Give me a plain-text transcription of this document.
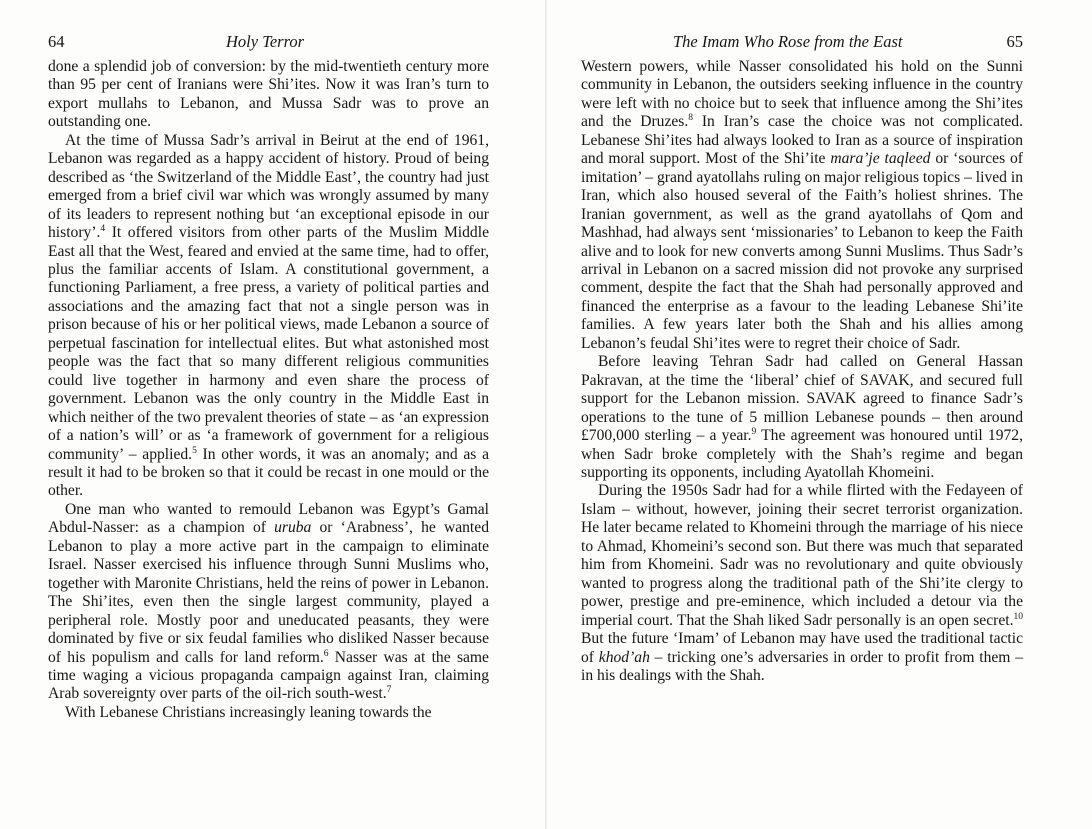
64	Holy Terror

done a splendid job of conversion: by the mid-twentieth century more than 95 per cent of Iranians were Shi’ites. Now it was Iran’s turn to export mullahs to Lebanon, and Mussa Sadr was to prove an outstanding one.

At the time of Mussa Sadr’s arrival in Beirut at the end of 1961, Lebanon was regarded as a happy accident of history. Proud of being described as ‘the Switzerland of the Middle East’, the country had just emerged from a brief civil war which was wrongly assumed by many of its leaders to represent nothing but ‘an exceptional episode in our history’.$^4$ It offered visitors from other parts of the Muslim Middle East all that the West, feared and envied at the same time, had to offer, plus the familiar accents of Islam. A constitutional government, a functioning Parliament, a free press, a variety of political parties and associations and the amazing fact that not a single person was in prison because of his or her political views, made Lebanon a source of perpetual fascination for intellectual elites. But what astonished most people was the fact that so many different religious communities could live together in harmony and even share the process of government. Lebanon was the only country in the Middle East in which neither of the two prevalent theories of state – as ‘an expression of a nation’s will’ or as ‘a framework of government for a religious community’ – applied.$^5$ In other words, it was an anomaly; and as a result it had to be broken so that it could be recast in one mould or the other.

One man who wanted to remould Lebanon was Egypt’s Gamal Abdul-Nasser: as a champion of uruba or ‘Arabness’, he wanted Lebanon to play a more active part in the campaign to eliminate Israel. Nasser exercised his influence through Sunni Muslims who, together with Maronite Christians, held the reins of power in Lebanon. The Shi’ites, even then the single largest community, played a peripheral role. Mostly poor and uneducated peasants, they were dominated by five or six feudal families who disliked Nasser because of his populism and calls for land reform.$^6$ Nasser was at the same time waging a vicious propaganda campaign against Iran, claiming Arab sovereignty over parts of the oil-rich south-west.$^7$

With Lebanese Christians increasingly leaning towards the

The Imam Who Rose from the East	65

Western powers, while Nasser consolidated his hold on the Sunni community in Lebanon, the outsiders seeking influence in the country were left with no choice but to seek that influence among the Shi’ites and the Druzes.$^8$ In Iran’s case the choice was not complicated. Lebanese Shi’ites had always looked to Iran as a source of inspiration and moral support. Most of the Shi’ite mara’je taqleed or ‘sources of imitation’ – grand ayatollahs ruling on major religious topics – lived in Iran, which also housed several of the Faith’s holiest shrines. The Iranian government, as well as the grand ayatollahs of Qom and Mashhad, had always sent ‘missionaries’ to Lebanon to keep the Faith alive and to look for new converts among Sunni Muslims. Thus Sadr’s arrival in Lebanon on a sacred mission did not provoke any surprised comment, despite the fact that the Shah had personally approved and financed the enterprise as a favour to the leading Lebanese Shi’ite families. A few years later both the Shah and his allies among Lebanon’s feudal Shi’ites were to regret their choice of Sadr.

Before leaving Tehran Sadr had called on General Hassan Pakravan, at the time the ‘liberal’ chief of SAVAK, and secured full support for the Lebanon mission. SAVAK agreed to finance Sadr’s operations to the tune of 5 million Lebanese pounds – then around £700,000 sterling – a year.$^9$ The agreement was honoured until 1972, when Sadr broke completely with the Shah’s regime and began supporting its opponents, including Ayatollah Khomeini.

During the 1950s Sadr had for a while flirted with the Fedayeen of Islam – without, however, joining their secret terrorist organization. He later became related to Khomeini through the marriage of his niece to Ahmad, Khomeini’s second son. But there was much that separated him from Khomeini. Sadr was no revolutionary and quite obviously wanted to progress along the traditional path of the Shi’ite clergy to power, prestige and pre-eminence, which included a detour via the imperial court. That the Shah liked Sadr personally is an open secret.$^{10}$ But the future ‘Imam’ of Lebanon may have used the traditional tactic of khod’ah – tricking one’s adversaries in order to profit from them – in his dealings with the Shah.
